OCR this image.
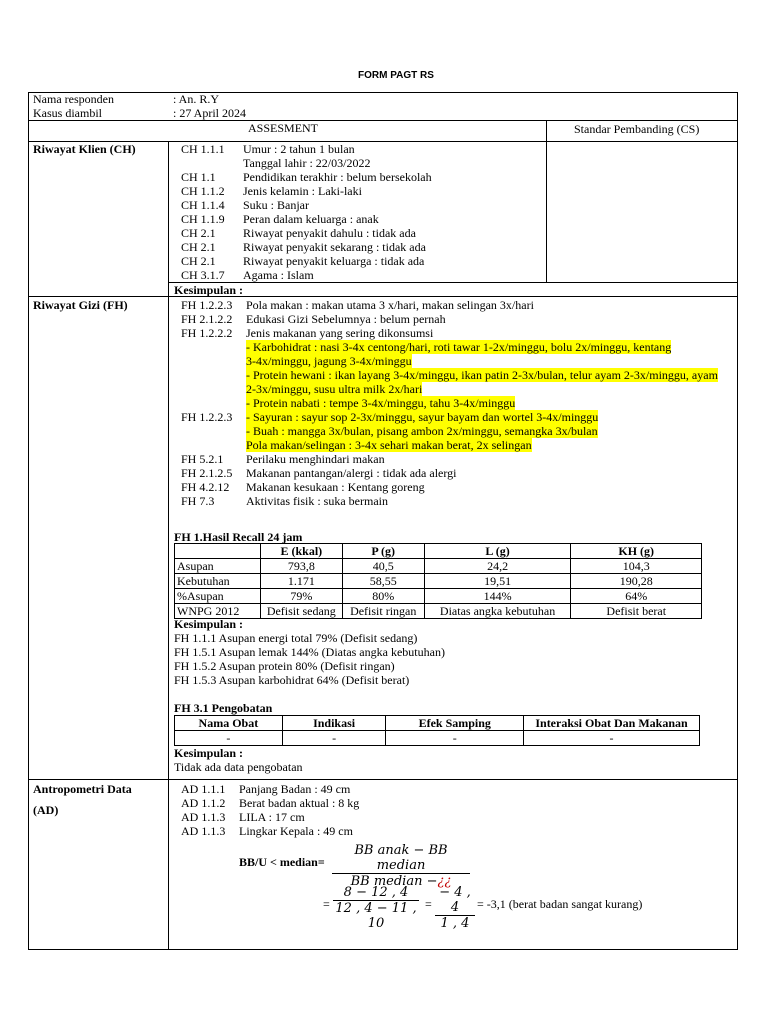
FORM PAGT RS
Nama responden	: An. R.Y
Kasus diambil	: 27 April 2024
ASSESMENT	Standar Pembanding (CS)
Riwayat Klien (CH)	CH 1.1.1 Umur : 2 tahun 1 bulan
Tanggal lahir : 22/03/2022
CH 1.1 Pendidikan terakhir : belum bersekolah
CH 1.1.2 Jenis kelamin : Laki-laki
CH 1.1.4 Suku : Banjar
CH 1.1.9 Peran dalam keluarga : anak
CH 2.1 Riwayat penyakit dahulu : tidak ada
CH 2.1 Riwayat penyakit sekarang : tidak ada
CH 2.1 Riwayat penyakit keluarga : tidak ada
CH 3.1.7 Agama : Islam
Kesimpulan :
Riwayat Gizi (FH)	FH 1.2.2.3 Pola makan : makan utama 3 x/hari, makan selingan 3x/hari
FH 2.1.2.2 Edukasi Gizi Sebelumnya : belum pernah
FH 1.2.2.2 Jenis makanan yang sering dikonsumsi
- Karbohidrat : nasi 3-4x centong/hari, roti tawar 1-2x/minggu, bolu 2x/minggu, kentang
3-4x/minggu, jagung 3-4x/minggu
- Protein hewani : ikan layang 3-4x/minggu, ikan patin 2-3x/bulan, telur ayam 2-3x/minggu, ayam
2-3x/minggu, susu ultra milk 2x/hari
- Protein nabati : tempe 3-4x/minggu, tahu 3-4x/minggu
FH 1.2.2.3 - Sayuran : sayur sop 2-3x/minggu, sayur bayam dan wortel 3-4x/minggu
- Buah : mangga 3x/bulan, pisang ambon 2x/minggu, semangka 3x/bulan
Pola makan/selingan : 3-4x sehari makan berat, 2x selingan
FH 5.2.1 Perilaku menghindari makan
FH 2.1.2.5 Makanan pantangan/alergi : tidak ada alergi
FH 4.2.12 Makanan kesukaan : Kentang goreng
FH 7.3	Aktivitas fisik : suka bermain
FH 1.Hasil Recall 24 jam
	E (kkal)	P (g)	L (g)	KH (g)
Asupan	793,8	40,5	24,2	104,3
Kebutuhan	1.171	58,55	19,51	190,28
%Asupan	79%	80%	144%	64%
WNPG 2012	Defisit sedang	Defisit ringan	Diatas angka kebutuhan	Defisit berat
Kesimpulan :
FH 1.1.1 Asupan energi total 79% (Defisit sedang)
FH 1.5.1 Asupan lemak 144% (Diatas angka kebutuhan)
FH 1.5.2 Asupan protein 80% (Defisit ringan)
FH 1.5.3 Asupan karbohidrat 64% (Defisit berat)
FH 3.1 Pengobatan
Nama Obat	Indikasi	Efek Samping	Interaksi Obat Dan Makanan
-	-	-	-
Kesimpulan :
Tidak ada data pengobatan
Antropometri Data
(AD)
AD 1.1.1 Panjang Badan : 49 cm
AD 1.1.2 Berat badan aktual : 8 kg
AD 1.1.3 LILA : 17 cm
AD 1.1.3 Lingkar Kepala : 49 cm
BB/U < median=
BB anak − BB median
BB median −¿¿
= $\frac{8 - 12 , 4}{12 , 4 - 11 , 10} = \frac{- 4 , 4}{1 , 4} = -3,1$ (berat badan sangat kurang)
